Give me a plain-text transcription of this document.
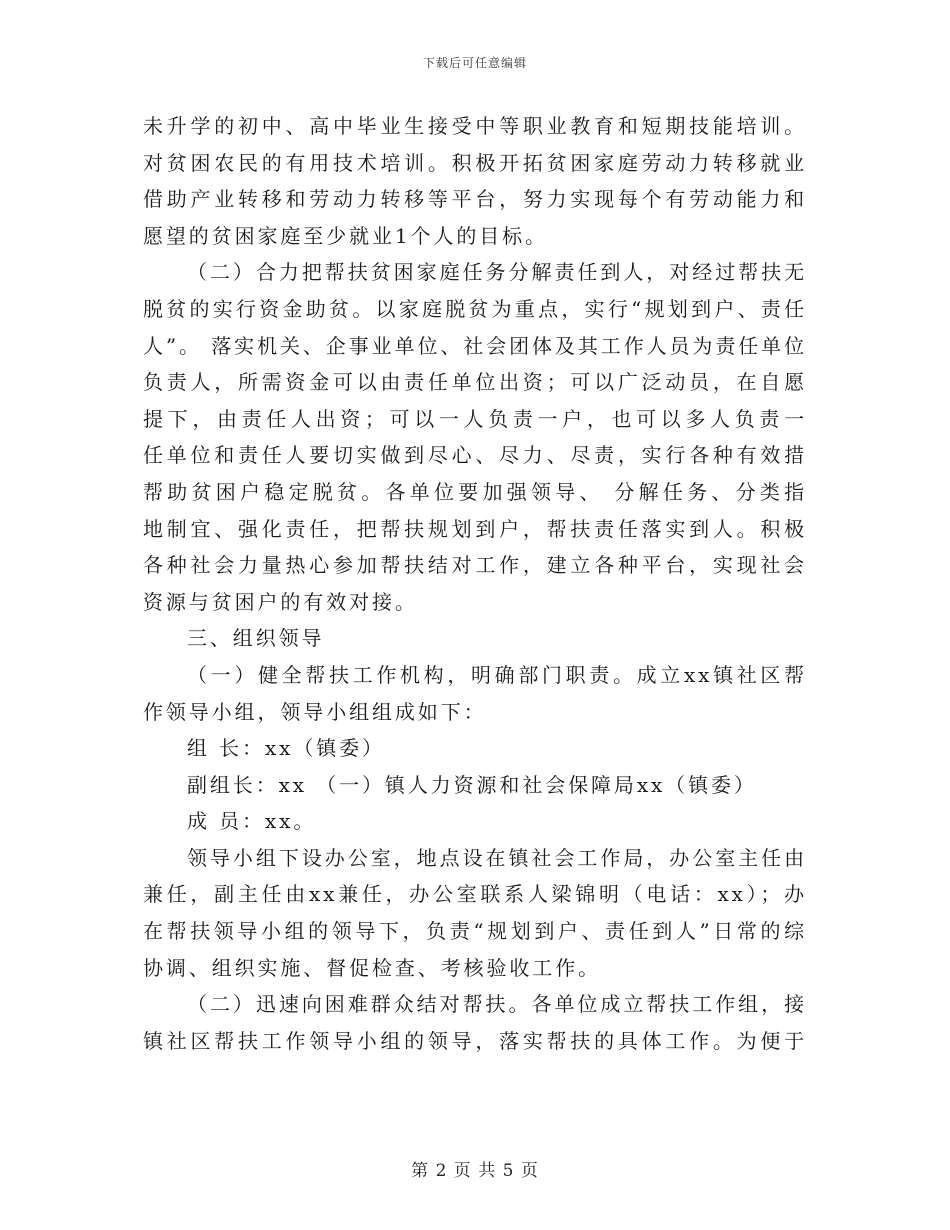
下载后可任意编辑
未升学的初中、高中毕业生接受中等职业教育和短期技能培训。
对贫困农民的有用技术培训。积极开拓贫困家庭劳动力转移就业
借助产业转移和劳动力转移等平台，努力实现每个有劳动能力和
愿望的贫困家庭至少就业1个人的目标。
（二）合力把帮扶贫困家庭任务分解责任到人，对经过帮扶无
脱贫的实行资金助贫。以家庭脱贫为重点，实行“规划到户、责任
人”。 落实机关、企事业单位、社会团体及其工作人员为责任单位
负责人，所需资金可以由责任单位出资；可以广泛动员，在自愿
提下，由责任人出资；可以一人负责一户，也可以多人负责一
任单位和责任人要切实做到尽心、尽力、尽责，实行各种有效措
帮助贫困户稳定脱贫。各单位要加强领导、 分解任务、分类指
地制宜、强化责任，把帮扶规划到户，帮扶责任落实到人。积极
各种社会力量热心参加帮扶结对工作，建立各种平台，实现社会
资源与贫困户的有效对接。
三、组织领导
（一）健全帮扶工作机构，明确部门职责。成立xx镇社区帮
作领导小组，领导小组组成如下：
组 长：xx（镇委）
副组长：xx （一）镇人力资源和社会保障局xx（镇委）
成 员：xx。
领导小组下设办公室，地点设在镇社会工作局，办公室主任由
兼任，副主任由xx兼任，办公室联系人梁锦明（电话：xx）；办
在帮扶领导小组的领导下，负责“规划到户、责任到人”日常的综
协调、组织实施、督促检查、考核验收工作。
（二）迅速向困难群众结对帮扶。各单位成立帮扶工作组，接
镇社区帮扶工作领导小组的领导，落实帮扶的具体工作。为便于
第 2 页 共 5 页
